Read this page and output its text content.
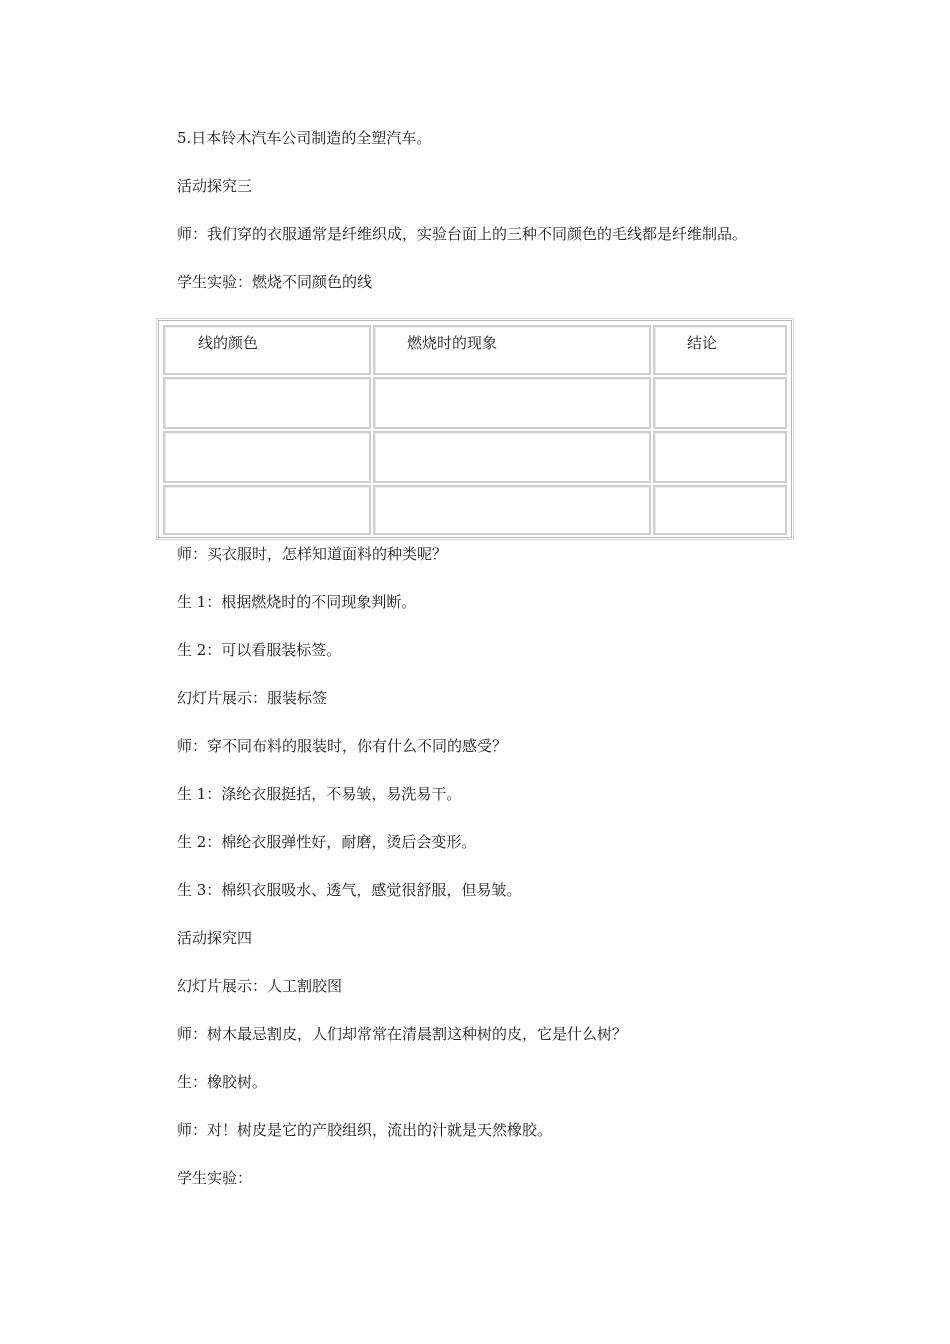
5.日本铃木汽车公司制造的全塑汽车。

活动探究三

师：我们穿的衣服通常是纤维织成，实验台面上的三种不同颜色的毛线都是纤维制品。

学生实验：燃烧不同颜色的线

线的颜色	燃烧时的现象	结论

师：买衣服时，怎样知道面料的种类呢？

生 1：根据燃烧时的不同现象判断。

生 2：可以看服装标签。

幻灯片展示：服装标签

师：穿不同布料的服装时，你有什么不同的感受？

生 1：涤纶衣服挺括，不易皱，易洗易干。

生 2：棉纶衣服弹性好，耐磨，烫后会变形。

生 3：棉织衣服吸水、透气，感觉很舒服，但易皱。

活动探究四

幻灯片展示：人工割胶图

师：树木最忌割皮，人们却常常在清晨割这种树的皮，它是什么树？

生：橡胶树。

师：对！树皮是它的产胶组织，流出的汁就是天然橡胶。

学生实验：
